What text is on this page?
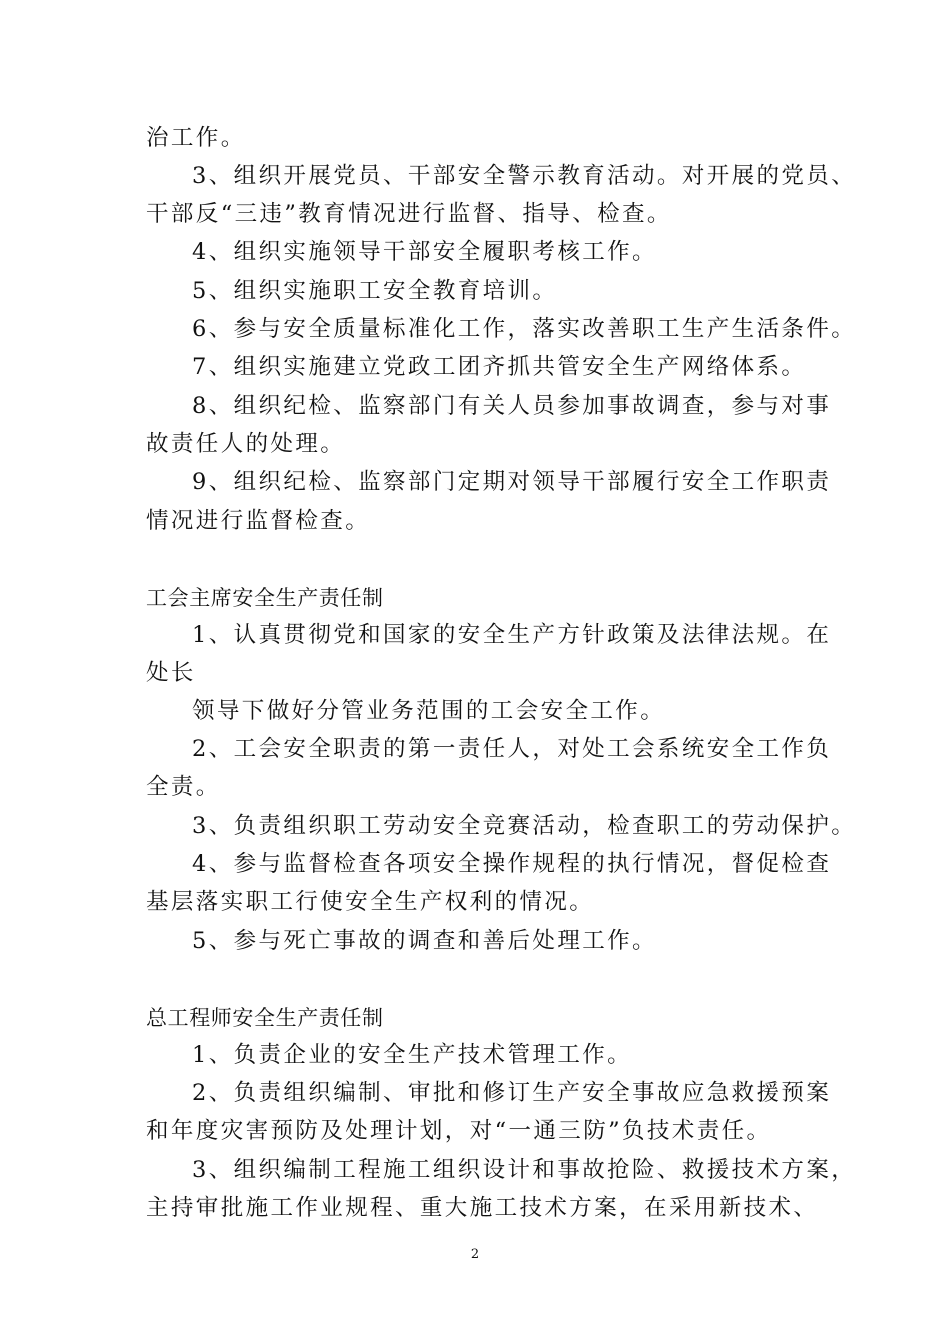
治工作。
3、组织开展党员、干部安全警示教育活动。对开展的党员、
干部反“三违”教育情况进行监督、指导、检查。
4、组织实施领导干部安全履职考核工作。
5、组织实施职工安全教育培训。
6、参与安全质量标准化工作，落实改善职工生产生活条件。
7、组织实施建立党政工团齐抓共管安全生产网络体系。
8、组织纪检、监察部门有关人员参加事故调查，参与对事
故责任人的处理。
9、组织纪检、监察部门定期对领导干部履行安全工作职责
情况进行监督检查。
工会主席安全生产责任制
1、认真贯彻党和国家的安全生产方针政策及法律法规。在
处长
领导下做好分管业务范围的工会安全工作。
2、工会安全职责的第一责任人，对处工会系统安全工作负
全责。
3、负责组织职工劳动安全竞赛活动，检查职工的劳动保护。
4、参与监督检查各项安全操作规程的执行情况，督促检查
基层落实职工行使安全生产权利的情况。
5、参与死亡事故的调查和善后处理工作。
总工程师安全生产责任制
1、负责企业的安全生产技术管理工作。
2、负责组织编制、审批和修订生产安全事故应急救援预案
和年度灾害预防及处理计划，对“一通三防”负技术责任。
3、组织编制工程施工组织设计和事故抢险、救援技术方案，
主持审批施工作业规程、重大施工技术方案，在采用新技术、
2
